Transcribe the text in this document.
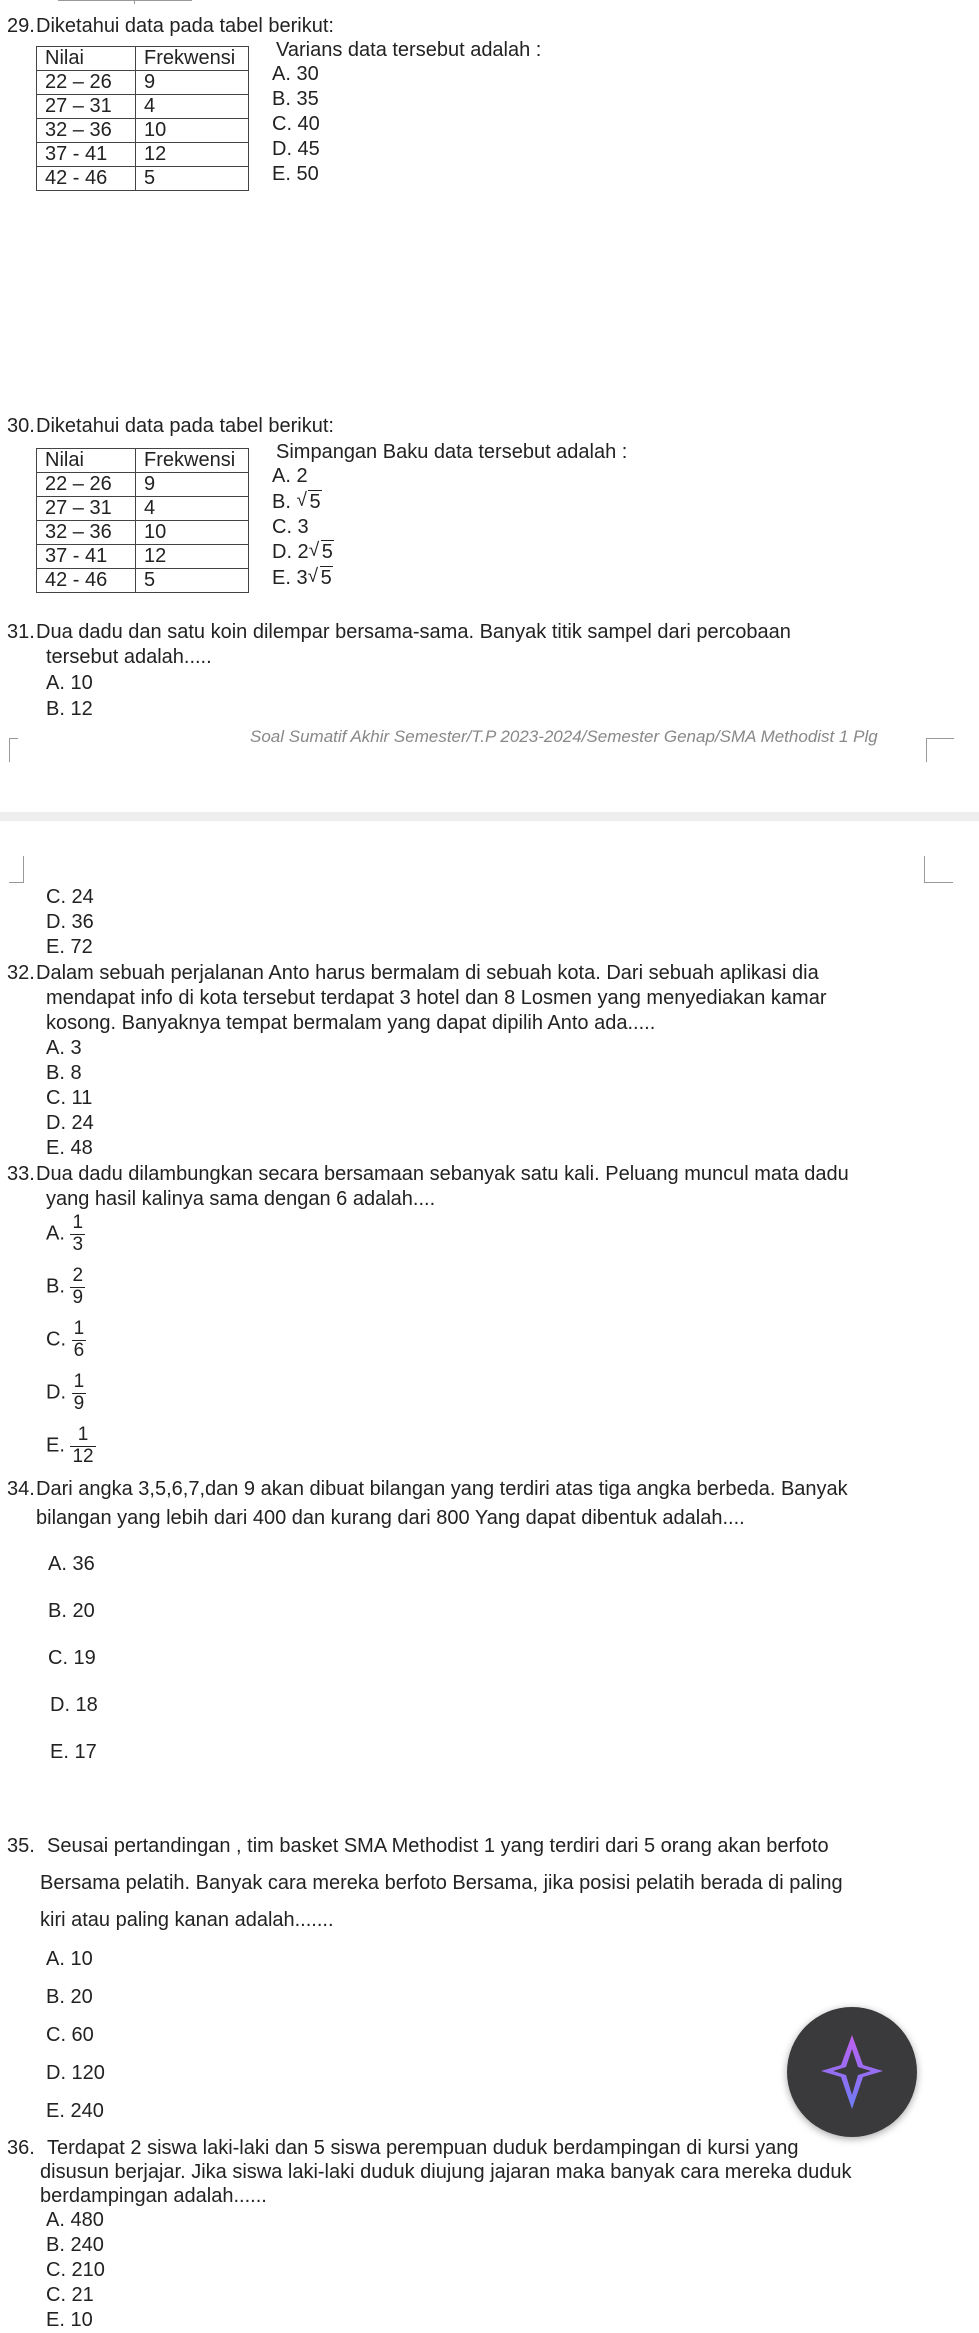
29. Diketahui data pada tabel berikut:
Nilai	Frekwensi
22 – 26	9
27 – 31	4
32 – 36	10
37 - 41	12
42 - 46	5
Varians data tersebut adalah :
A. 30
B. 35
C. 40
D. 45
E. 50
30. Diketahui data pada tabel berikut:
Nilai	Frekwensi
22 – 26	9
27 – 31	4
32 – 36	10
37 - 41	12
42 - 46	5
Simpangan Baku data tersebut adalah :
A. 2
B. √ 5
C. 3
D. 2 √ 5
E. 3 √ 5
31. Dua dadu dan satu koin dilempar bersama-sama. Banyak titik sampel dari percobaan
tersebut adalah.....
A. 10
B. 12
Soal Sumatif Akhir Semester/T.P 2023-2024/Semester Genap/SMA Methodist 1 Plg
C. 24
D. 36
E. 72
32. Dalam sebuah perjalanan Anto harus bermalam di sebuah kota. Dari sebuah aplikasi dia
mendapat info di kota tersebut terdapat 3 hotel dan 8 Losmen yang menyediakan kamar
kosong. Banyaknya tempat bermalam yang dapat dipilih Anto ada.....
A. 3
B. 8
C. 11
D. 24
E. 48
33. Dua dadu dilambungkan secara bersamaan sebanyak satu kali. Peluang muncul mata dadu
yang hasil kalinya sama dengan 6 adalah....
A. $\frac{1}{3}$
B. $\frac{2}{9}$
C. $\frac{1}{6}$
D. $\frac{1}{9}$
E. $\frac{1}{12}$
34. Dari angka 3,5,6,7,dan 9 akan dibuat bilangan yang terdiri atas tiga angka berbeda. Banyak
bilangan yang lebih dari 400 dan kurang dari 800 Yang dapat dibentuk adalah....
A. 36
B. 20
C. 19
D. 18
E. 17
35. Seusai pertandingan , tim basket SMA Methodist 1 yang terdiri dari 5 orang akan berfoto
Bersama pelatih. Banyak cara mereka berfoto Bersama, jika posisi pelatih berada di paling
kiri atau paling kanan adalah.......
A. 10
B. 20
C. 60
D. 120
E. 240
36. Terdapat 2 siswa laki-laki dan 5 siswa perempuan duduk berdampingan di kursi yang
disusun berjajar. Jika siswa laki-laki duduk diujung jajaran maka banyak cara mereka duduk
berdampingan adalah......
A. 480
B. 240
C. 210
C. 21
E. 10
